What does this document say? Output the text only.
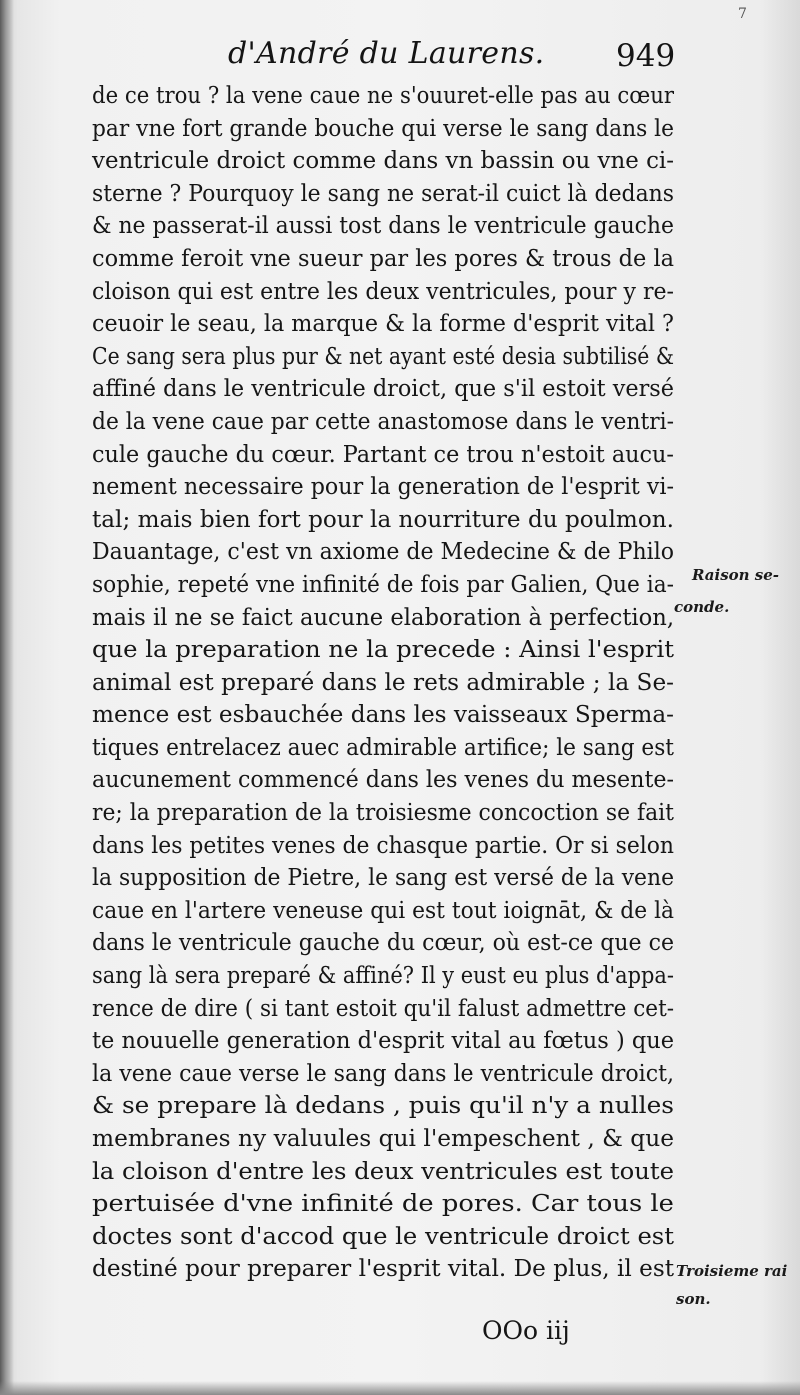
7
d'André du Laurens. 949
de ce trou ? la vene caue ne s'ouuret-elle pas au cœur
par vne fort grande bouche qui verse le sang dans le
ventricule droict comme dans vn bassin ou vne ci-
sterne ? Pourquoy le sang ne serat-il cuict là dedans
& ne passerat-il aussi tost dans le ventricule gauche
comme feroit vne sueur par les pores & trous de la
cloison qui est entre les deux ventricules, pour y re-
ceuoir le seau, la marque & la forme d'esprit vital ?
Ce sang sera plus pur & net ayant esté desia subtilisé &
affiné dans le ventricule droict, que s'il estoit versé
de la vene caue par cette anastomose dans le ventri-
cule gauche du cœur. Partant ce trou n'estoit aucu-
nement necessaire pour la generation de l'esprit vi-
tal; mais bien fort pour la nourriture du poulmon.
Dauantage, c'est vn axiome de Medecine & de Philo
sophie, repeté vne infinité de fois par Galien, Que ia-
mais il ne se faict aucune elaboration à perfection,
que la preparation ne la precede : Ainsi l'esprit
animal est preparé dans le rets admirable ; la Se-
mence est esbauchée dans les vaisseaux Sperma-
tiques entrelacez auec admirable artifice; le sang est
aucunement commencé dans les venes du mesente-
re; la preparation de la troisiesme concoction se fait
dans les petites venes de chasque partie. Or si selon
la supposition de Pietre, le sang est versé de la vene
caue en l'artere veneuse qui est tout ioignāt, & de là
dans le ventricule gauche du cœur, où est-ce que ce
sang là sera preparé & affiné? Il y eust eu plus d'appa-
rence de dire ( si tant estoit qu'il falust admettre cet-
te nouuelle generation d'esprit vital au fœtus ) que
la vene caue verse le sang dans le ventricule droict,
& se prepare là dedans , puis qu'il n'y a nulles
membranes ny valuules qui l'empeschent , & que
la cloison d'entre les deux ventricules est toute
pertuisée d'vne infinité de pores. Car tous le
doctes sont d'accod que le ventricule droict est
destiné pour preparer l'esprit vital. De plus, il est
Raison se-
conde.
Troisieme rai
son.
OOo iij
